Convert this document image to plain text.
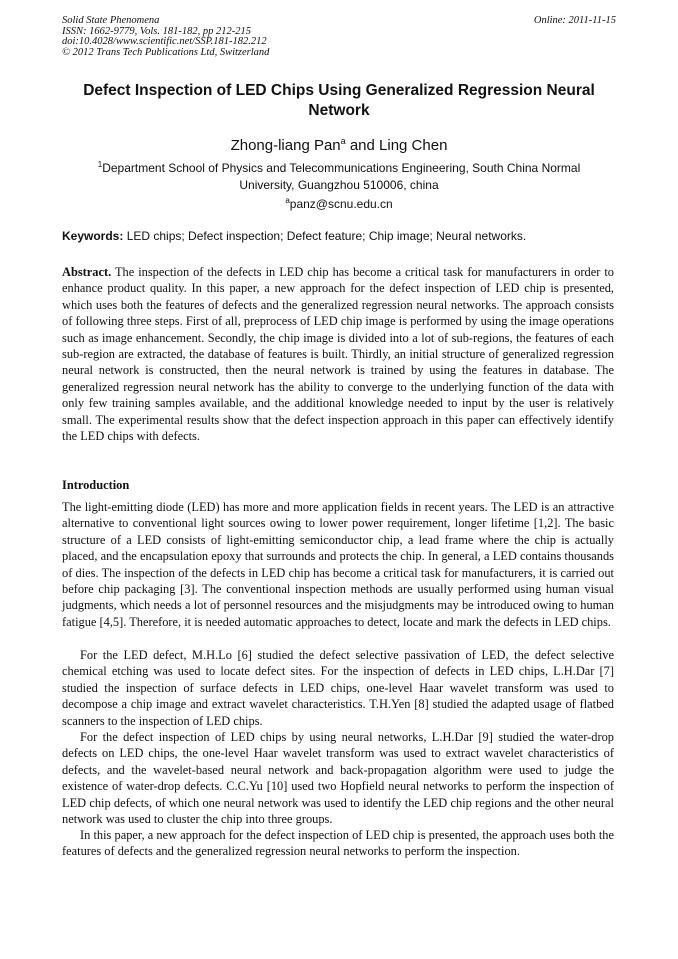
Solid State Phenomena
ISSN: 1662-9779, Vols. 181-182, pp 212-215
doi:10.4028/www.scientific.net/SSP.181-182.212
© 2012 Trans Tech Publications Ltd, Switzerland
Online: 2011-11-15
Defect Inspection of LED Chips Using Generalized Regression Neural Network
Zhong-liang Pan$^a$ and Ling Chen
$^1$Department School of Physics and Telecommunications Engineering, South China Normal University, Guangzhou 510006, china
$^a$panz@scnu.edu.cn
Keywords: LED chips; Defect inspection; Defect feature; Chip image; Neural networks.
Abstract. The inspection of the defects in LED chip has become a critical task for manufacturers in order to enhance product quality. In this paper, a new approach for the defect inspection of LED chip is presented, which uses both the features of defects and the generalized regression neural networks. The approach consists of following three steps. First of all, preprocess of LED chip image is performed by using the image operations such as image enhancement. Secondly, the chip image is divided into a lot of sub-regions, the features of each sub-region are extracted, the database of features is built. Thirdly, an initial structure of generalized regression neural network is constructed, then the neural network is trained by using the features in database. The generalized regression neural network has the ability to converge to the underlying function of the data with only few training samples available, and the additional knowledge needed to input by the user is relatively small. The experimental results show that the defect inspection approach in this paper can effectively identify the LED chips with defects.
Introduction
The light-emitting diode (LED) has more and more application fields in recent years. The LED is an attractive alternative to conventional light sources owing to lower power requirement, longer lifetime [1,2]. The basic structure of a LED consists of light-emitting semiconductor chip, a lead frame where the chip is actually placed, and the encapsulation epoxy that surrounds and protects the chip. In general, a LED contains thousands of dies. The inspection of the defects in LED chip has become a critical task for manufacturers, it is carried out before chip packaging [3]. The conventional inspection methods are usually performed using human visual judgments, which needs a lot of personnel resources and the misjudgments may be introduced owing to human fatigue [4,5]. Therefore, it is needed automatic approaches to detect, locate and mark the defects in LED chips.
For the LED defect, M.H.Lo [6] studied the defect selective passivation of LED, the defect selective chemical etching was used to locate defect sites. For the inspection of defects in LED chips, L.H.Dar [7] studied the inspection of surface defects in LED chips, one-level Haar wavelet transform was used to decompose a chip image and extract wavelet characteristics. T.H.Yen [8] studied the adapted usage of flatbed scanners to the inspection of LED chips.
For the defect inspection of LED chips by using neural networks, L.H.Dar [9] studied the water-drop defects on LED chips, the one-level Haar wavelet transform was used to extract wavelet characteristics of defects, and the wavelet-based neural network and back-propagation algorithm were used to judge the existence of water-drop defects. C.C.Yu [10] used two Hopfield neural networks to perform the inspection of LED chip defects, of which one neural network was used to identify the LED chip regions and the other neural network was used to cluster the chip into three groups.
In this paper, a new approach for the defect inspection of LED chip is presented, the approach uses both the features of defects and the generalized regression neural networks to perform the inspection.
